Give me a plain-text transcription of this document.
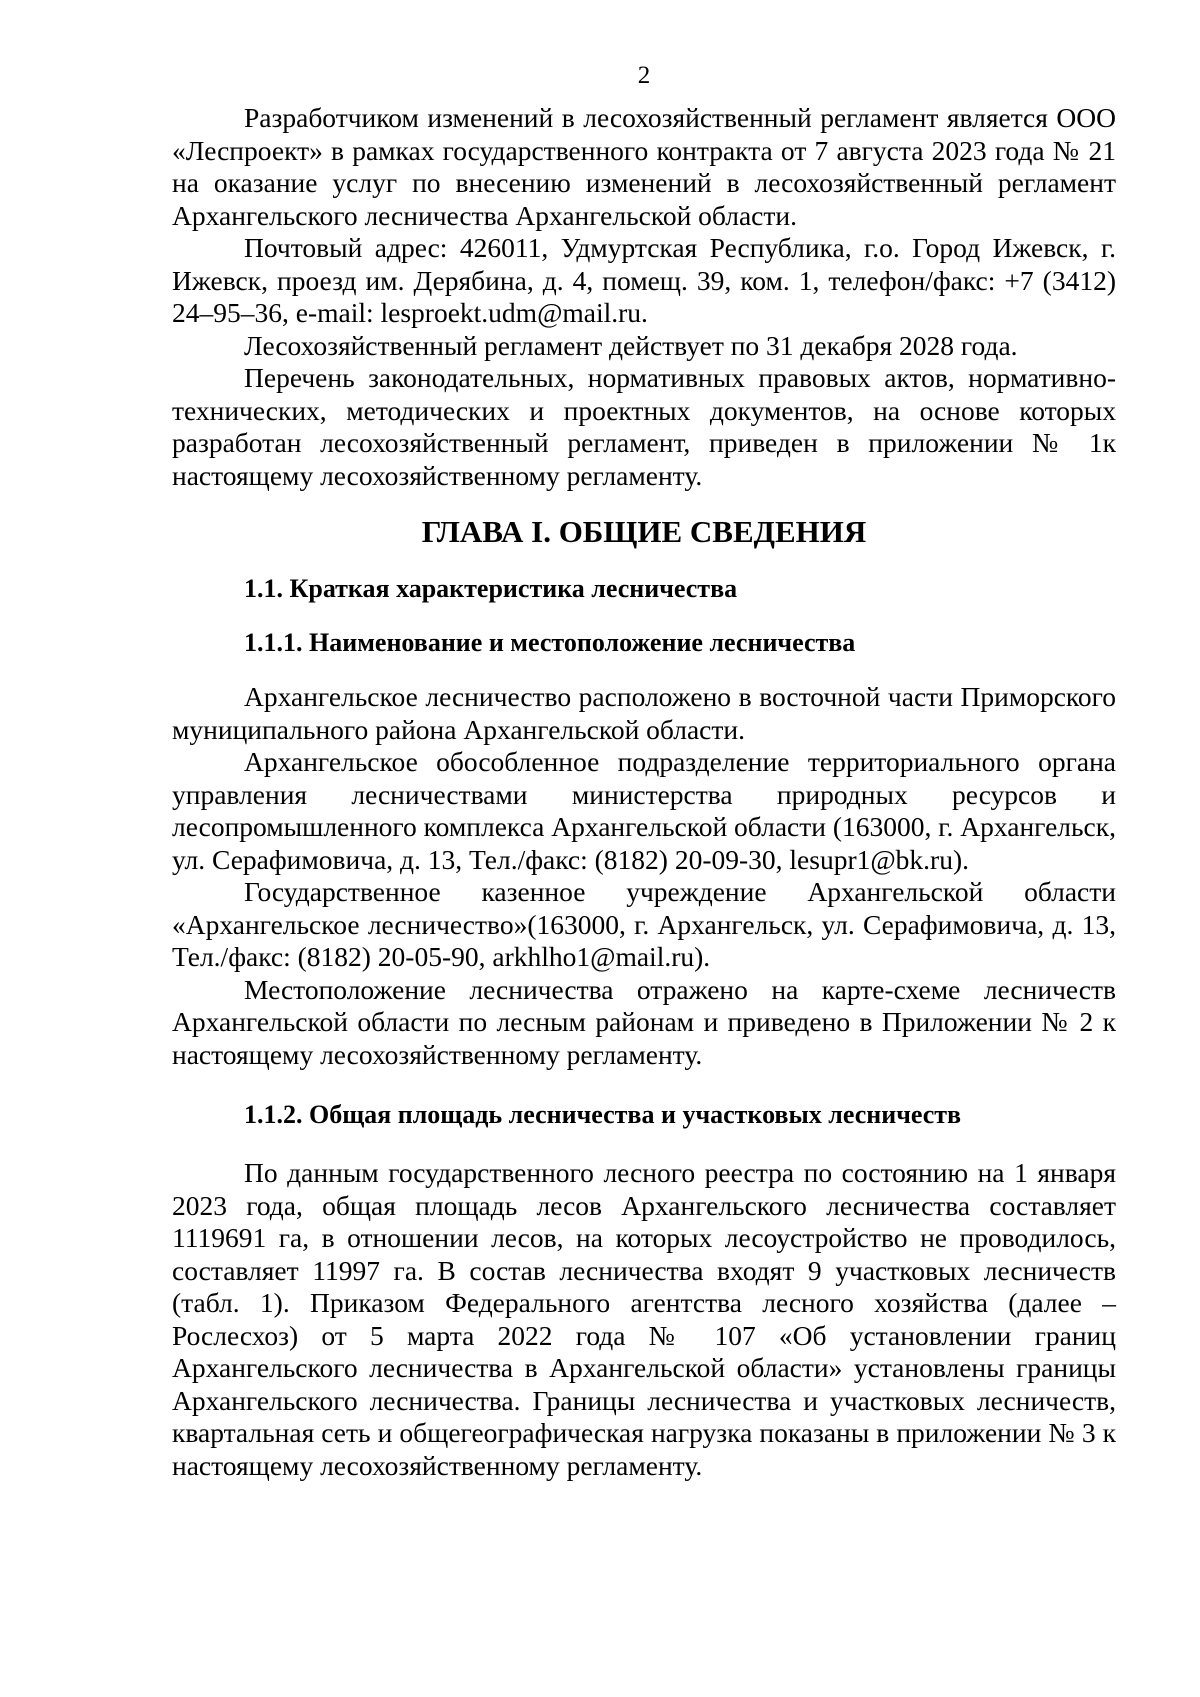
2

Разработчиком изменений в лесохозяйственный регламент является ООО «Леспроект» в рамках государственного контракта от 7 августа 2023 года № 21 на оказание услуг по внесению изменений в лесохозяйственный регламент Архангельского лесничества Архангельской области.

Почтовый адрес: 426011, Удмуртская Республика, г.о. Город Ижевск, г. Ижевск, проезд им. Дерябина, д. 4, помещ. 39, ком. 1, телефон/факс: +7 (3412) 24–95–36, e-mail: lesproekt.udm@mail.ru.

Лесохозяйственный регламент действует по 31 декабря 2028 года.

Перечень законодательных, нормативных правовых актов, нормативно-технических, методических и проектных документов, на основе которых разработан лесохозяйственный регламент, приведен в приложении № 1к настоящему лесохозяйственному регламенту.

ГЛАВА I. ОБЩИЕ СВЕДЕНИЯ
1.1. Краткая характеристика лесничества
1.1.1. Наименование и местоположение лесничества

Архангельское лесничество расположено в восточной части Приморского муниципального района Архангельской области.

Архангельское обособленное подразделение территориального органа управления лесничествами министерства природных ресурсов и лесопромышленного комплекса Архангельской области (163000, г. Архангельск, ул. Серафимовича, д. 13, Тел./факс: (8182) 20-09-30, lesupr1@bk.ru).

Государственное казенное учреждение Архангельской области «Архангельское лесничество»(163000, г. Архангельск, ул. Серафимовича, д. 13, Тел./факс: (8182) 20-05-90, arkhlho1@mail.ru).

Местоположение лесничества отражено на карте-схеме лесничеств Архангельской области по лесным районам и приведено в Приложении № 2 к настоящему лесохозяйственному регламенту.

1.1.2. Общая площадь лесничества и участковых лесничеств

По данным государственного лесного реестра по состоянию на 1 января 2023 года, общая площадь лесов Архангельского лесничества составляет 1119691 га, в отношении лесов, на которых лесоустройство не проводилось, составляет 11997 га. В состав лесничества входят 9 участковых лесничеств (табл. 1). Приказом Федерального агентства лесного хозяйства (далее – Рослесхоз) от 5 марта 2022 года № 107 «Об установлении границ Архангельского лесничества в Архангельской области» установлены границы Архангельского лесничества. Границы лесничества и участковых лесничеств, квартальная сеть и общегеографическая нагрузка показаны в приложении № 3 к настоящему лесохозяйственному регламенту.
